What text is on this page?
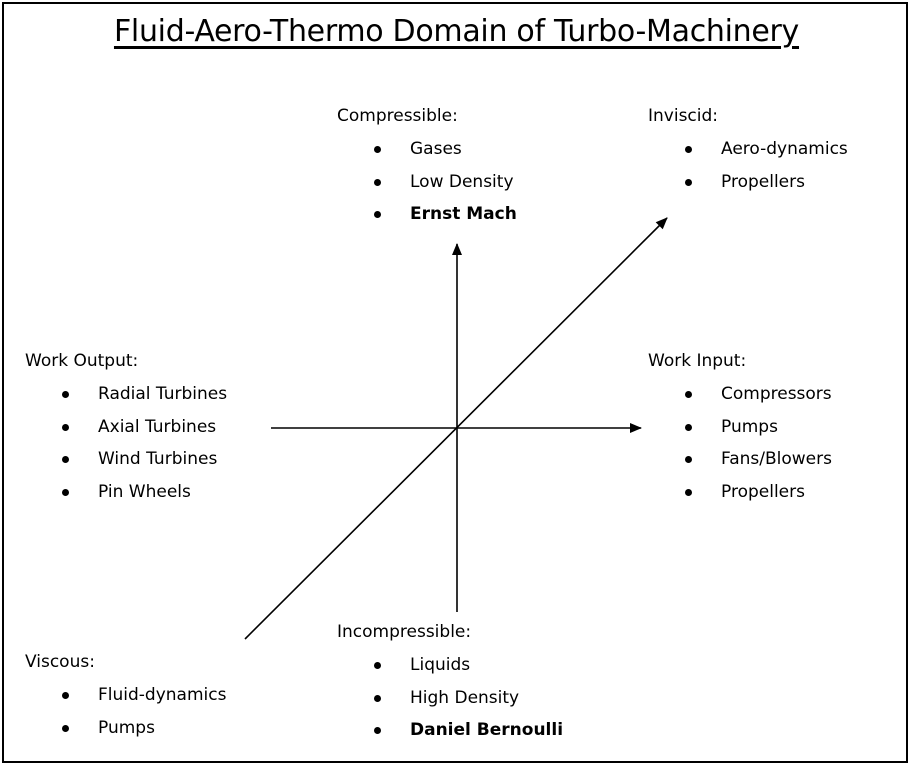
Fluid-Aero-Thermo Domain of Turbo-Machinery
Compressible:
Gases
Low Density
Ernst Mach
Inviscid:
Aero-dynamics
Propellers
Work Output:
Radial Turbines
Axial Turbines
Wind Turbines
Pin Wheels
Work Input:
Compressors
Pumps
Fans/Blowers
Propellers
Incompressible:
Liquids
High Density
Daniel Bernoulli
Viscous:
Fluid-dynamics
Pumps
